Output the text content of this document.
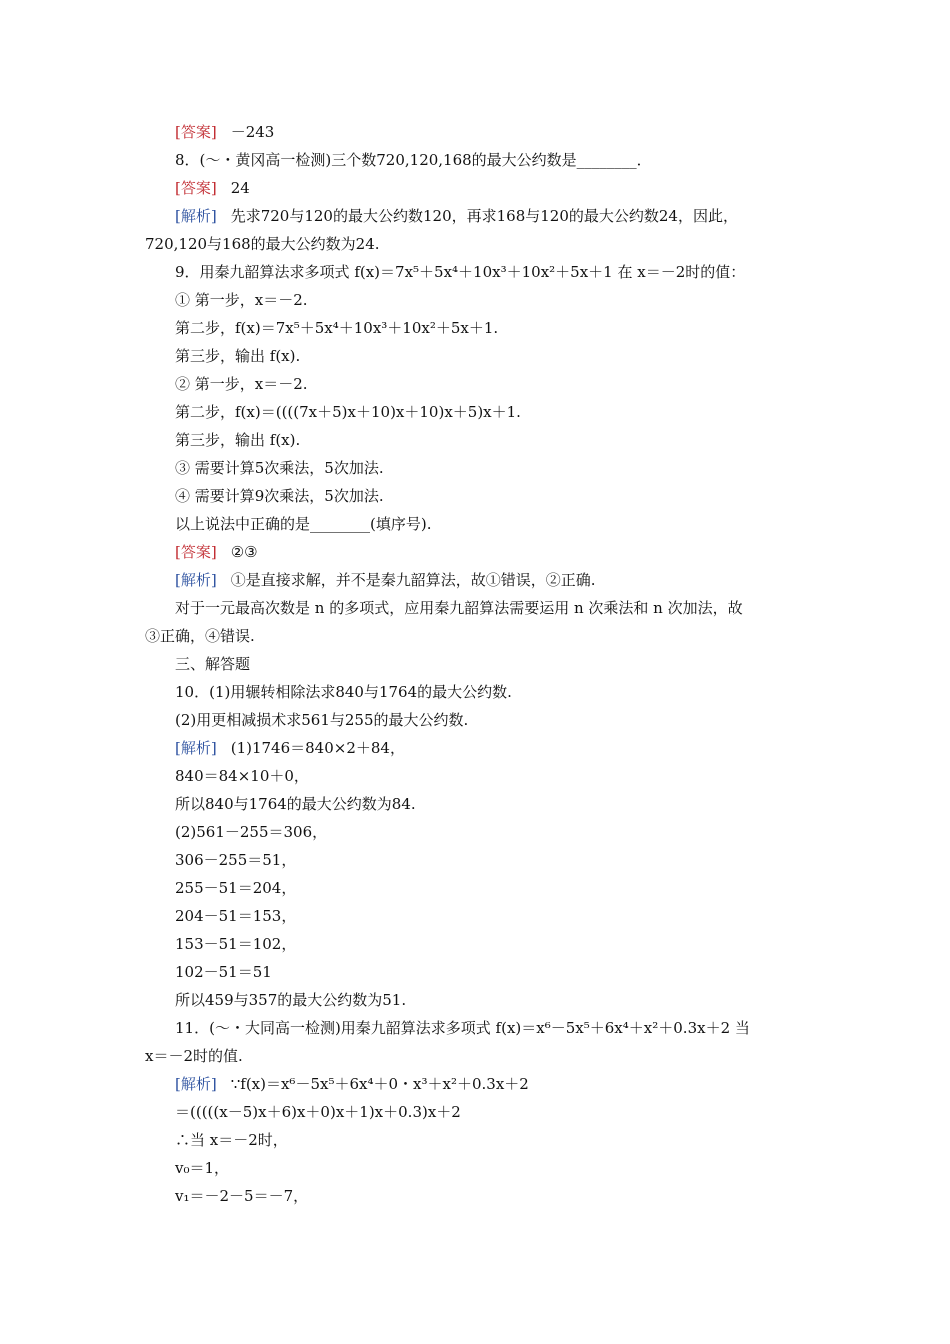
[答案] －243
8．(～・黄冈高一检测)三个数720,120,168的最大公约数是________．
[答案] 24
[解析] 先求720与120的最大公约数120，再求168与120的最大公约数24，因此，
720,120与168的最大公约数为24.
9．用秦九韶算法求多项式 f(x)＝7x⁵＋5x⁴＋10x³＋10x²＋5x＋1 在 x＝－2时的值：
① 第一步，x＝－2.
第二步，f(x)＝7x⁵＋5x⁴＋10x³＋10x²＋5x＋1.
第三步，输出 f(x).
② 第一步，x＝－2.
第二步，f(x)＝((((7x＋5)x＋10)x＋10)x＋5)x＋1.
第三步，输出 f(x).
③ 需要计算5次乘法，5次加法.
④ 需要计算9次乘法，5次加法.
以上说法中正确的是________(填序号).
[答案] ②③
[解析] ①是直接求解，并不是秦九韶算法，故①错误，②正确.
对于一元最高次数是 n 的多项式，应用秦九韶算法需要运用 n 次乘法和 n 次加法，故
③正确，④错误.
三、解答题
10．(1)用辗转相除法求840与1764的最大公约数.
(2)用更相减损术求561与255的最大公约数.
[解析] (1)1746＝840×2＋84，
840＝84×10＋0，
所以840与1764的最大公约数为84.
(2)561－255＝306，
306－255＝51，
255－51＝204，
204－51＝153，
153－51＝102，
102－51＝51
所以459与357的最大公约数为51.
11．(～・大同高一检测)用秦九韶算法求多项式 f(x)＝x⁶－5x⁵＋6x⁴＋x²＋0.3x＋2 当
x＝－2时的值.
[解析] ∵f(x)＝x⁶－5x⁵＋6x⁴＋0・x³＋x²＋0.3x＋2
＝(((((x－5)x＋6)x＋0)x＋1)x＋0.3)x＋2
∴当 x＝－2时，
v₀＝1，
v₁＝－2－5＝－7，
